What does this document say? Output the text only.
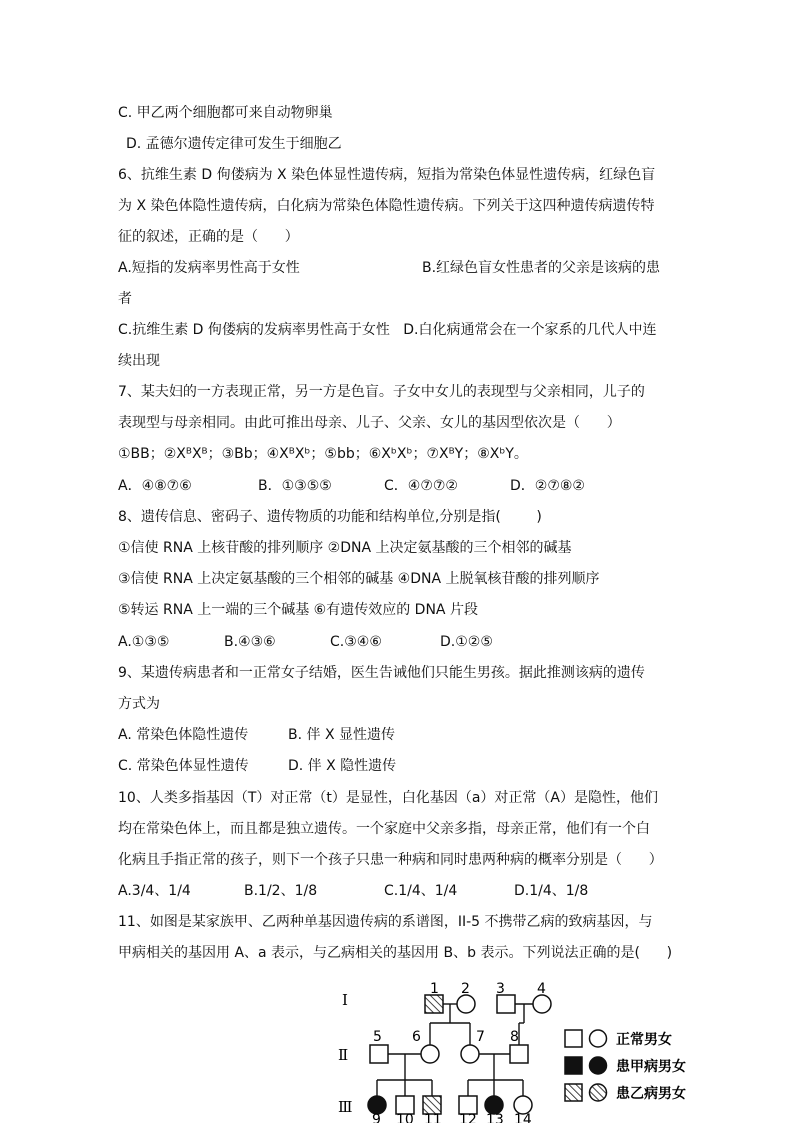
C. 甲乙两个细胞都可来自动物卵巢
D. 孟德尔遗传定律可发生于细胞乙
6、抗维生素 D 佝偻病为 X 染色体显性遗传病，短指为常染色体显性遗传病，红绿色盲
为 X 染色体隐性遗传病，白化病为常染色体隐性遗传病。下列关于这四种遗传病遗传特
征的叙述，正确的是（      ）
A.短指的发病率男性高于女性	B.红绿色盲女性患者的父亲是该病的患
者
C.抗维生素 D 佝偻病的发病率男性高于女性   D.白化病通常会在一个家系的几代人中连
续出现
7、某夫妇的一方表现正常，另一方是色盲。子女中女儿的表现型与父亲相同，儿子的
表现型与母亲相同。由此可推出母亲、儿子、父亲、女儿的基因型依次是（      ）
①BB；②XᴮXᴮ；③Bb；④XᴮXᵇ；⑤bb；⑥XᵇXᵇ；⑦XᴮY；⑧XᵇY。
A．④⑧⑦⑥	B．①③⑤⑤	C．④⑦⑦②	D．②⑦⑧②
8、遗传信息、密码子、遗传物质的功能和结构单位,分别是指(        )
①信使 RNA 上核苷酸的排列顺序 ②DNA 上决定氨基酸的三个相邻的碱基
③信使 RNA 上决定氨基酸的三个相邻的碱基 ④DNA 上脱氧核苷酸的排列顺序
⑤转运 RNA 上一端的三个碱基 ⑥有遗传效应的 DNA 片段
A.①③⑤	B.④③⑥	C.③④⑥	D.①②⑤
9、某遗传病患者和一正常女子结婚，医生告诫他们只能生男孩。据此推测该病的遗传
方式为
A. 常染色体隐性遗传	B. 伴 X 显性遗传
C. 常染色体显性遗传	D. 伴 X 隐性遗传
10、人类多指基因（T）对正常（t）是显性，白化基因（a）对正常（A）是隐性，他们
均在常染色体上，而且都是独立遗传。一个家庭中父亲多指，母亲正常，他们有一个白
化病且手指正常的孩子，则下一个孩子只患一种病和同时患两种病的概率分别是（      ）
A.3/4、1/4	B.1/2、1/8	C.1/4、1/4	D.1/4、1/8
11、如图是某家族甲、乙两种单基因遗传病的系谱图，II-5 不携带乙病的致病基因，与
甲病相关的基因用 A、a 表示，与乙病相关的基因用 B、b 表示。下列说法正确的是(      )
Ⅰ
Ⅱ
Ⅲ
1 2 3 4
5 6	7 8
9 10 11 12 13 14
正常男女
患甲病男女
患乙病男女
